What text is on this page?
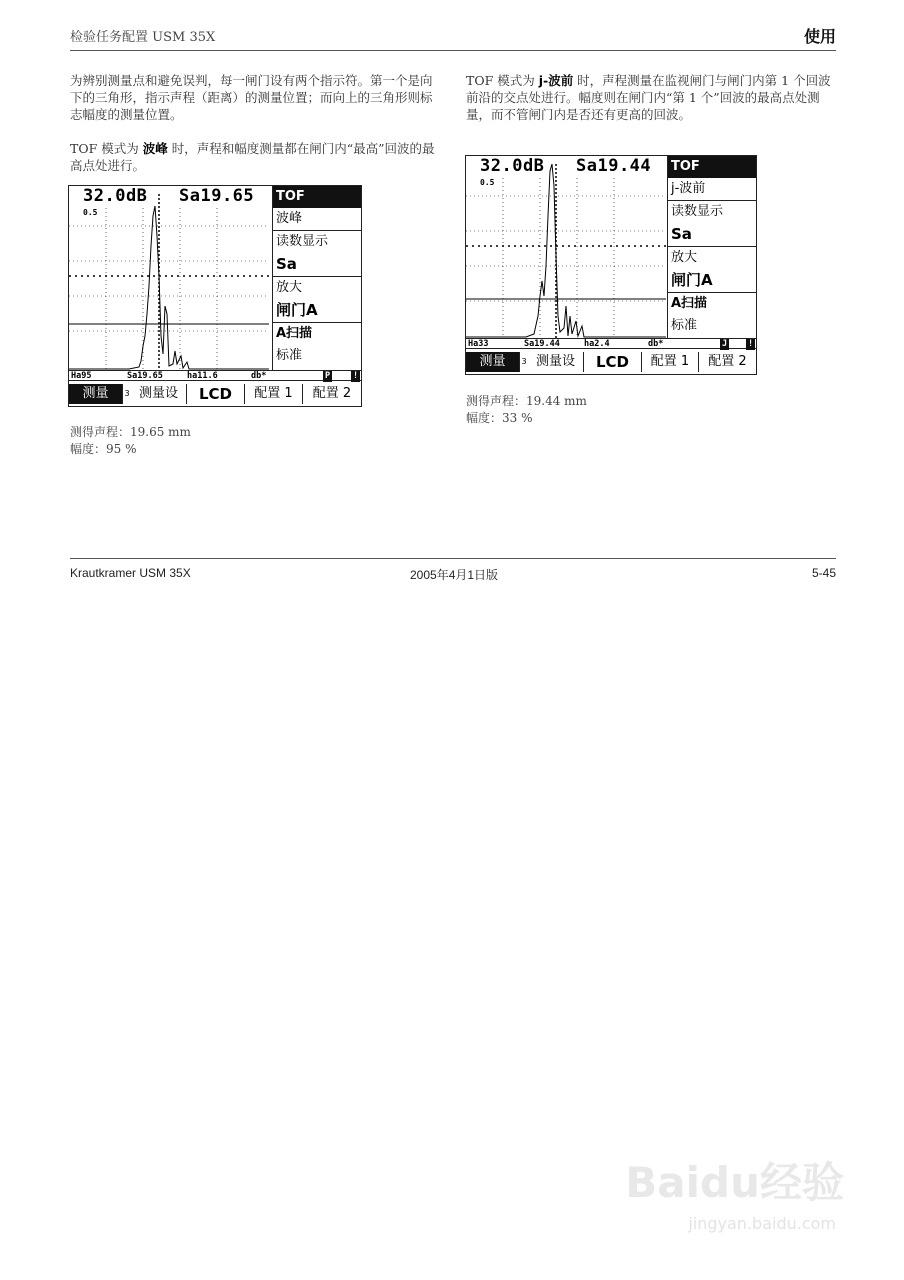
检验任务配置 USM 35X	使用
为辨别测量点和避免误判，每一闸门设有两个指示符。第一个是向下的三角形，指示声程（距离）的测量位置；而向上的三角形则标志幅度的测量位置。
TOF 模式为 波峰 时，声程和幅度测量都在闸门内“最高”回波的最高点处进行。
32.0dB
0.5
Sa19.65 TOF
波峰
读数显示
Sa
放大
闸门A
A扫描
标准
Ha95	Sa19.65	ha11.6	db*	P	!
测量	3 测量设	LCD	配置 1	配置 2
测得声程：19.65 mm
幅度：95 %
TOF 模式为 j-波前 时，声程测量在监视闸门与闸门内第 1 个回波前沿的交点处进行。幅度则在闸门内“第 1 个”回波的最高点处测量，而不管闸门内是否还有更高的回波。
32.0dB
0.5
Sa19.44 TOF
j-波前
读数显示
Sa
放大
闸门A
A扫描
标准
Ha33	Sa19.44	ha2.4	db*	J !
测量	3 测量设	LCD	配置 1	配置 2
测得声程：19.44 mm
幅度：33 %
Krautkramer USM 35X	2005年4月1日版	5-45
Baidu经验
jingyan.baidu.com
